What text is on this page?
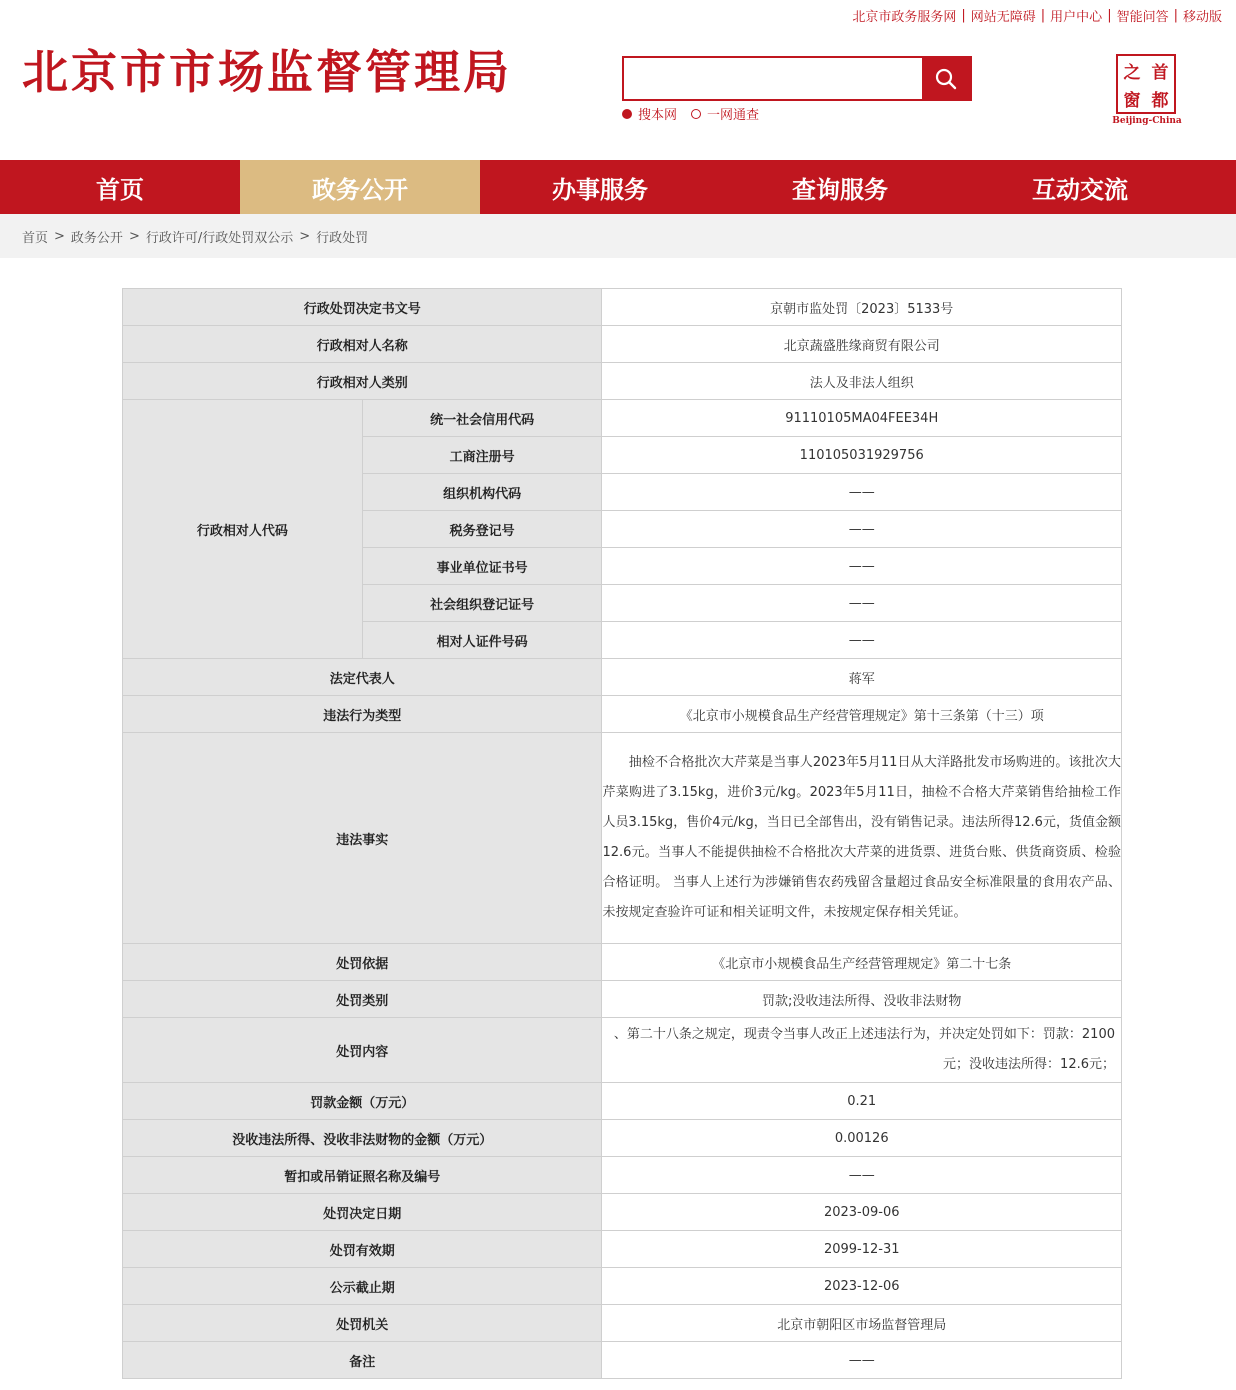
北京市政务服务网 | 网站无障碍 | 用户中心 | 智能问答 | 移动版
北京市市场监督管理局
搜本网 一网通查
之 首
窗 都
Beijing-China
首页	政务公开	办事服务	查询服务	互动交流
首页 > 政务公开 > 行政许可/行政处罚双公示 > 行政处罚
行政处罚决定书文号		京朝市监处罚〔2023〕5133号
行政相对人名称		北京蔬盛胜缘商贸有限公司
行政相对人类别		法人及非法人组织
行政相对人代码	统一社会信用代码	91110105MA04FEE34H
	工商注册号	110105031929756
	组织机构代码	——
	税务登记号	——
	事业单位证书号	——
	社会组织登记证号	——
	相对人证件号码	——
法定代表人		蒋军
违法行为类型		《北京市小规模食品生产经营管理规定》第十三条第（十三）项
违法事实		　　抽检不合格批次大芹菜是当事人2023年5月11日从大洋路批发市场购进的。该批次大芹菜购进了3.15kg，进价3元/kg。2023年5月11日，抽检不合格大芹菜销售给抽检工作人员3.15kg，售价4元/kg，当日已全部售出，没有销售记录。违法所得12.6元，货值金额12.6元。当事人不能提供抽检不合格批次大芹菜的进货票、进货台账、供货商资质、检验合格证明。 当事人上述行为涉嫌销售农药残留含量超过食品安全标准限量的食用农产品、未按规定查验许可证和相关证明文件，未按规定保存相关凭证。
处罚依据		《北京市小规模食品生产经营管理规定》第二十七条
处罚类别		罚款;没收违法所得、没收非法财物
处罚内容		、第二十八条之规定，现责令当事人改正上述违法行为，并决定处罚如下：罚款：2100元；没收违法所得：12.6元；
罚款金额（万元）		0.21
没收违法所得、没收非法财物的金额（万元）		0.00126
暂扣或吊销证照名称及编号		——
处罚决定日期		2023-09-06
处罚有效期		2099-12-31
公示截止期		2023-12-06
处罚机关		北京市朝阳区市场监督管理局
备注		——
